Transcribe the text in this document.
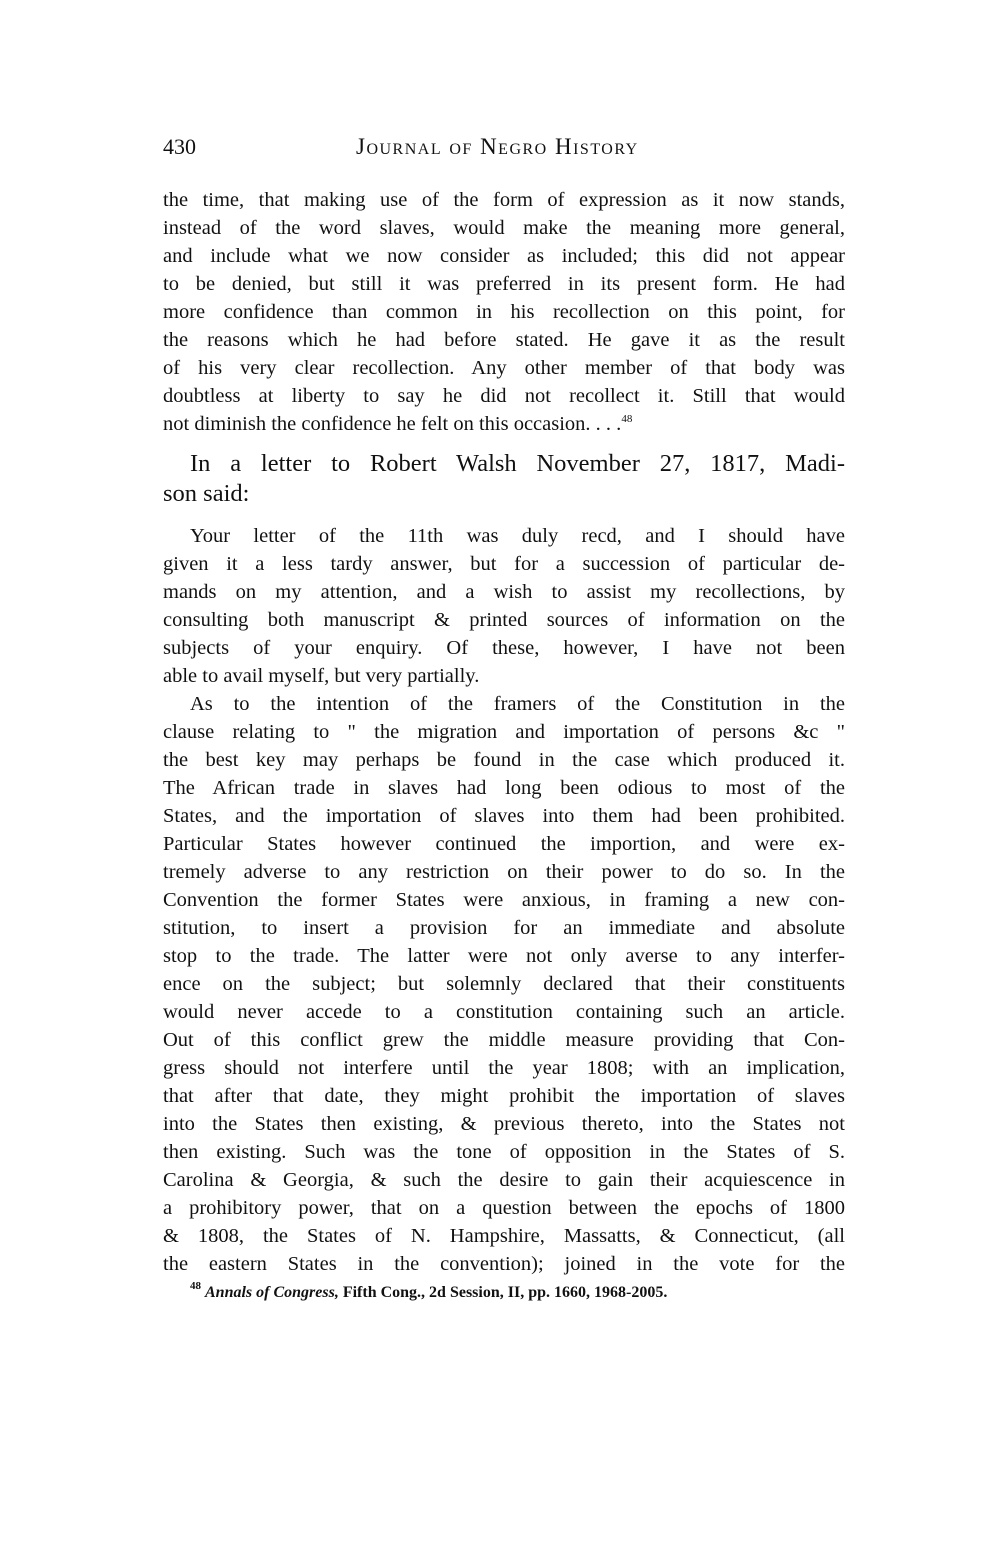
430	Journal of Negro History
the time, that making use of the form of expression as it now stands,
instead of the word slaves, would make the meaning more general,
and include what we now consider as included; this did not appear
to be denied, but still it was preferred in its present form. He had
more confidence than common in his recollection on this point, for
the reasons which he had before stated. He gave it as the result
of his very clear recollection. Any other member of that body was
doubtless at liberty to say he did not recollect it. Still that would
not diminish the confidence he felt on this occasion. . . .$^{48}$
In a letter to Robert Walsh November 27, 1817, Madi-
son said:
Your letter of the 11th was duly recd, and I should have
given it a less tardy answer, but for a succession of particular de-
mands on my attention, and a wish to assist my recollections, by
consulting both manuscript & printed sources of information on the
subjects of your enquiry. Of these, however, I have not been
able to avail myself, but very partially.
As to the intention of the framers of the Constitution in the
clause relating to " the migration and importation of persons &c "
the best key may perhaps be found in the case which produced it.
The African trade in slaves had long been odious to most of the
States, and the importation of slaves into them had been prohibited.
Particular States however continued the importion, and were ex-
tremely adverse to any restriction on their power to do so. In the
Convention the former States were anxious, in framing a new con-
stitution, to insert a provision for an immediate and absolute
stop to the trade. The latter were not only averse to any interfer-
ence on the subject; but solemnly declared that their constituents
would never accede to a constitution containing such an article.
Out of this conflict grew the middle measure providing that Con-
gress should not interfere until the year 1808; with an implication,
that after that date, they might prohibit the importation of slaves
into the States then existing, & previous thereto, into the States not
then existing. Such was the tone of opposition in the States of S.
Carolina & Georgia, & such the desire to gain their acquiescence in
a prohibitory power, that on a question between the epochs of 1800
& 1808, the States of N. Hampshire, Massatts, & Connecticut, (all
the eastern States in the convention); joined in the vote for the
$^{48}$ Annals of Congress, Fifth Cong., 2d Session, II, pp. 1660, 1968-2005.
